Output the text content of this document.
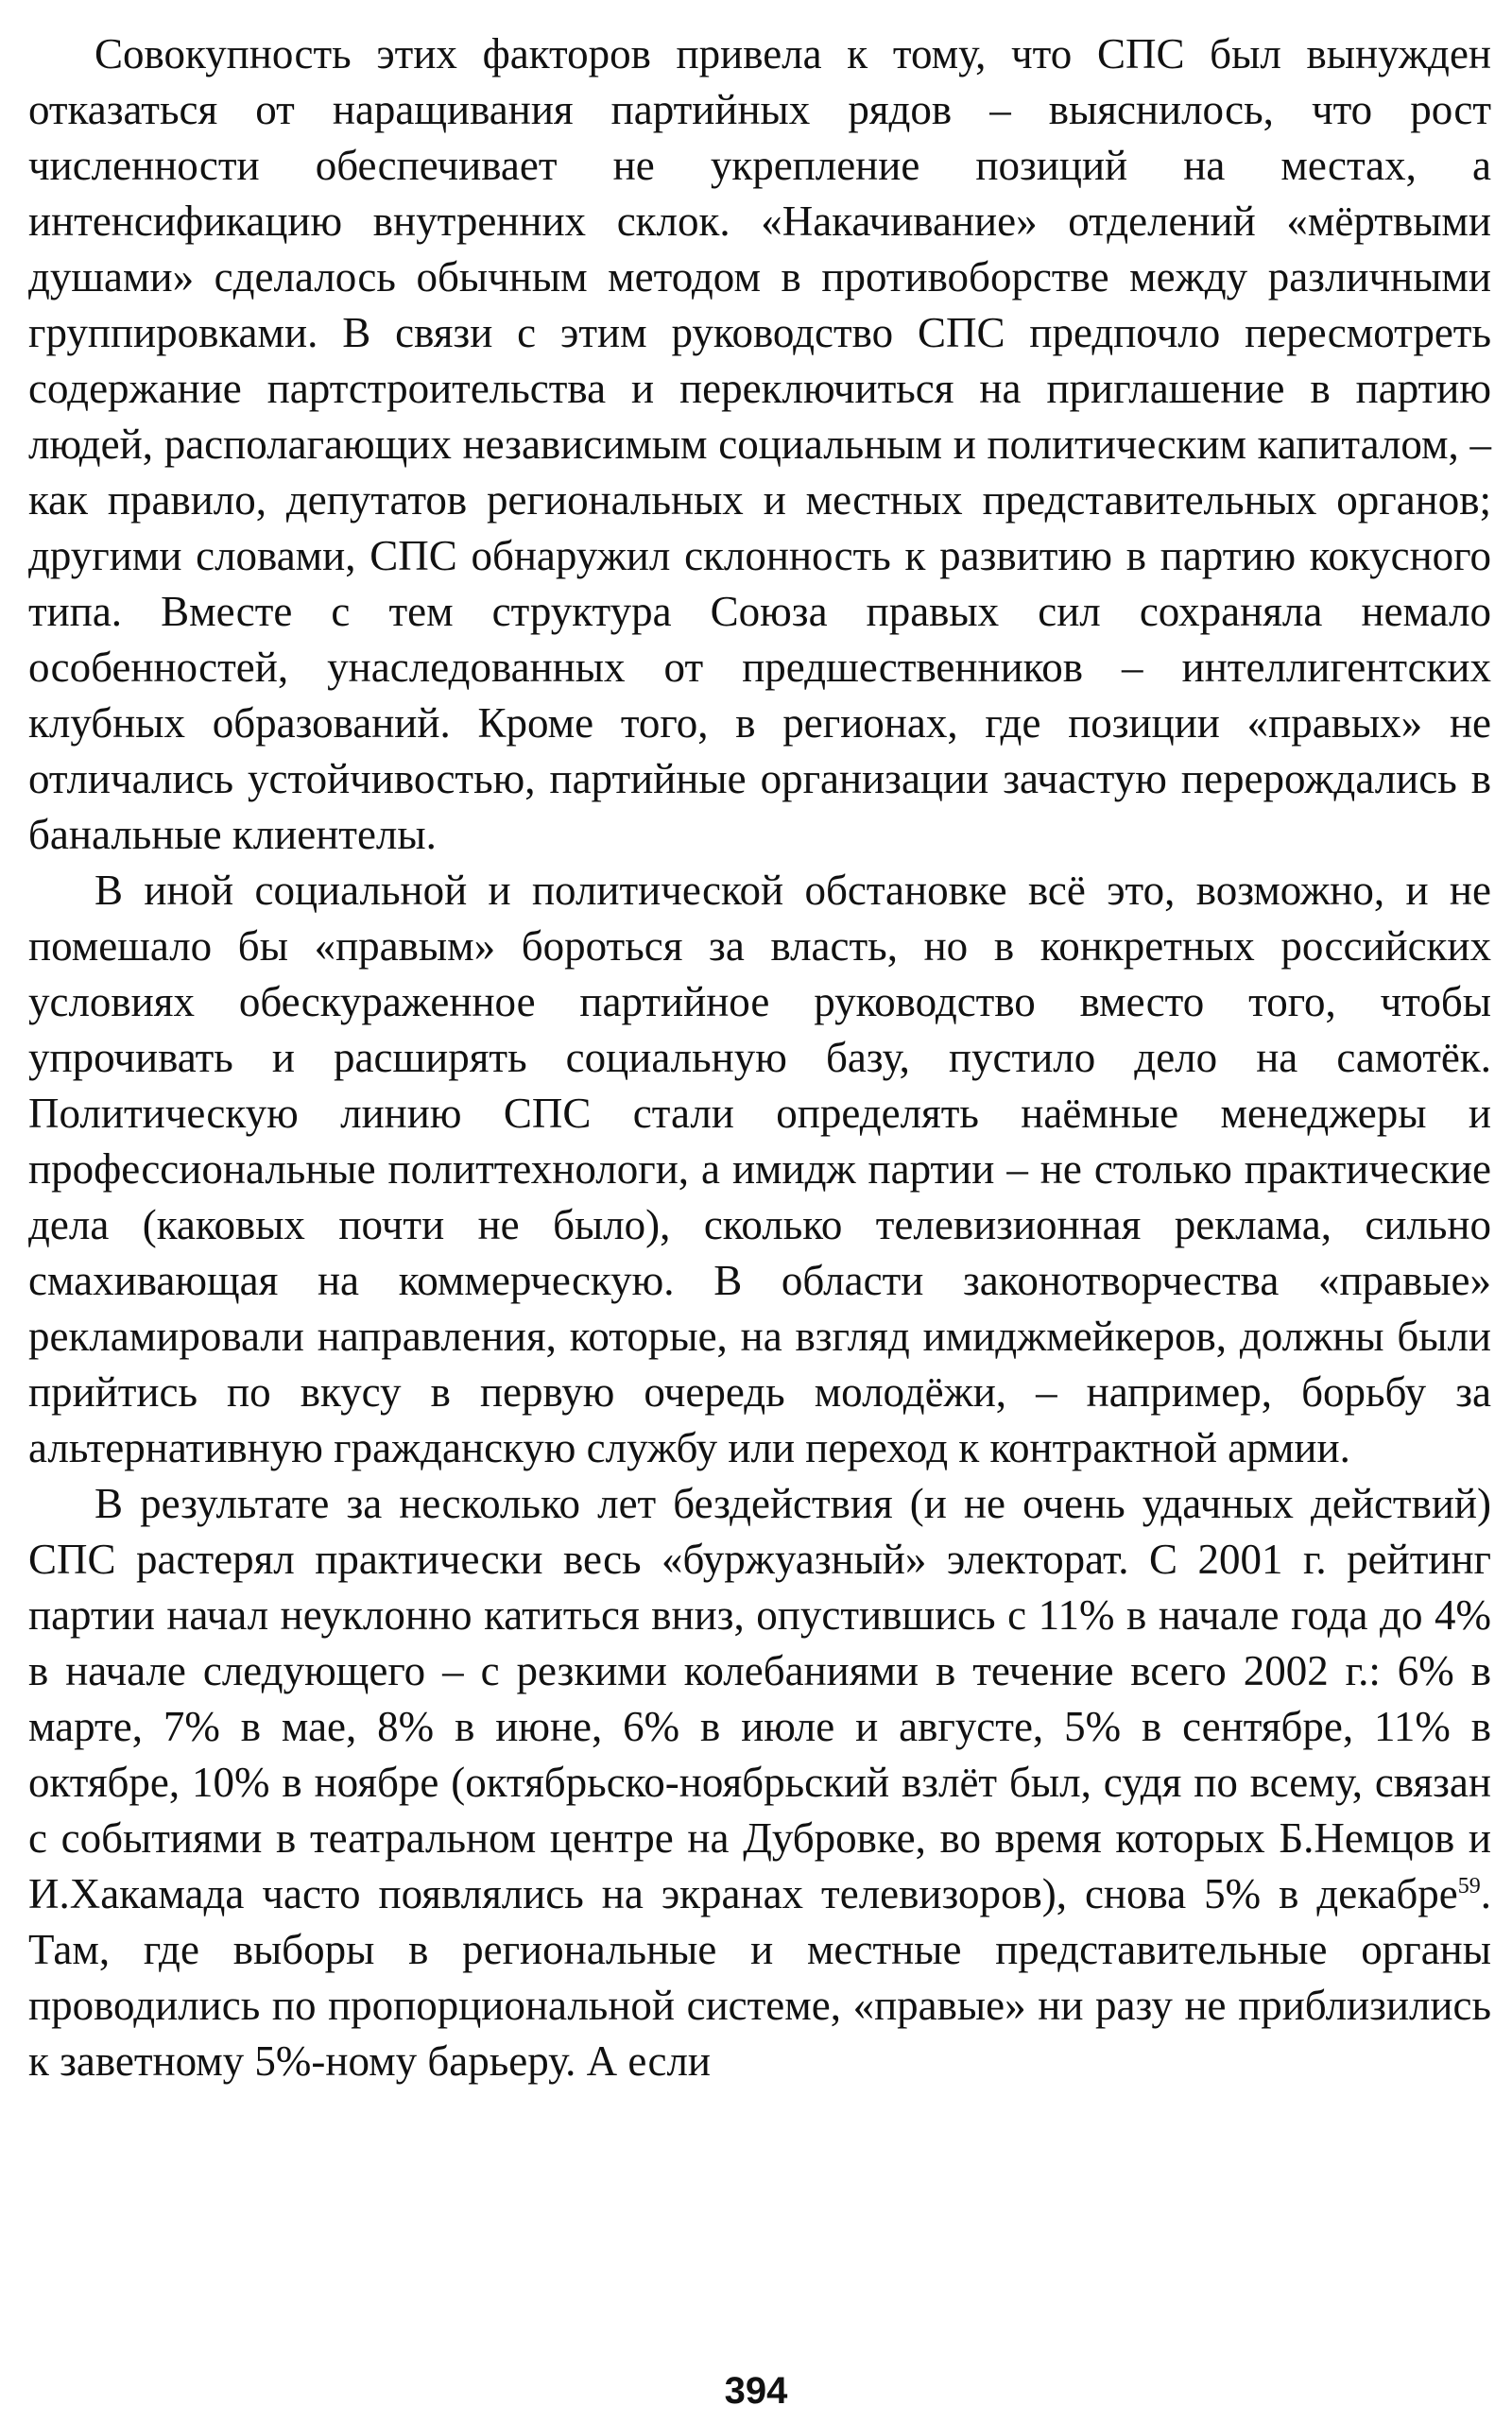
Совокупность этих факторов привела к тому, что СПС был вынужден отказаться от наращивания партийных рядов – выяснилось, что рост численности обеспечивает не укрепление позиций на местах, а интенсификацию внутренних склок. «Накачивание» отделений «мёртвыми душами» сделалось обычным методом в противоборстве между различными группировками. В связи с этим руководство СПС предпочло пересмотреть содержание партстроительства и переключиться на приглашение в партию людей, располагающих независимым социальным и политическим капиталом, – как правило, депутатов региональных и местных представительных органов; другими словами, СПС обнаружил склонность к развитию в партию кокусного типа. Вместе с тем структура Союза правых сил сохраняла немало особенностей, унаследованных от предшественников – интеллигентских клубных образований. Кроме того, в регионах, где позиции «правых» не отличались устойчивостью, партийные организации зачастую перерождались в банальные клиентелы.

В иной социальной и политической обстановке всё это, возможно, и не помешало бы «правым» бороться за власть, но в конкретных российских условиях обескураженное партийное руководство вместо того, чтобы упрочивать и расширять социальную базу, пустило дело на самотёк. Политическую линию СПС стали определять наёмные менеджеры и профессиональные политтехнологи, а имидж партии – не столько практические дела (каковых почти не было), сколько телевизионная реклама, сильно смахивающая на коммерческую. В области законотворчества «правые» рекламировали направления, которые, на взгляд имиджмейкеров, должны были прийтись по вкусу в первую очередь молодёжи, – например, борьбу за альтернативную гражданскую службу или переход к контрактной армии.

В результате за несколько лет бездействия (и не очень удачных действий) СПС растерял практически весь «буржуазный» электорат. С 2001 г. рейтинг партии начал неуклонно катиться вниз, опустившись с 11% в начале года до 4% в начале следующего – с резкими колебаниями в течение всего 2002 г.: 6% в марте, 7% в мае, 8% в июне, 6% в июле и августе, 5% в сентябре, 11% в октябре, 10% в ноябре (октябрьско-ноябрьский взлёт был, судя по всему, связан с событиями в театральном центре на Дубровке, во время которых Б.Немцов и И.Хакамада часто появлялись на экранах телевизоров), снова 5% в декабре$^{59}$. Там, где выборы в региональные и местные представительные органы проводились по пропорциональной системе, «правые» ни разу не приблизились к заветному 5%-ному барьеру. А если

394
